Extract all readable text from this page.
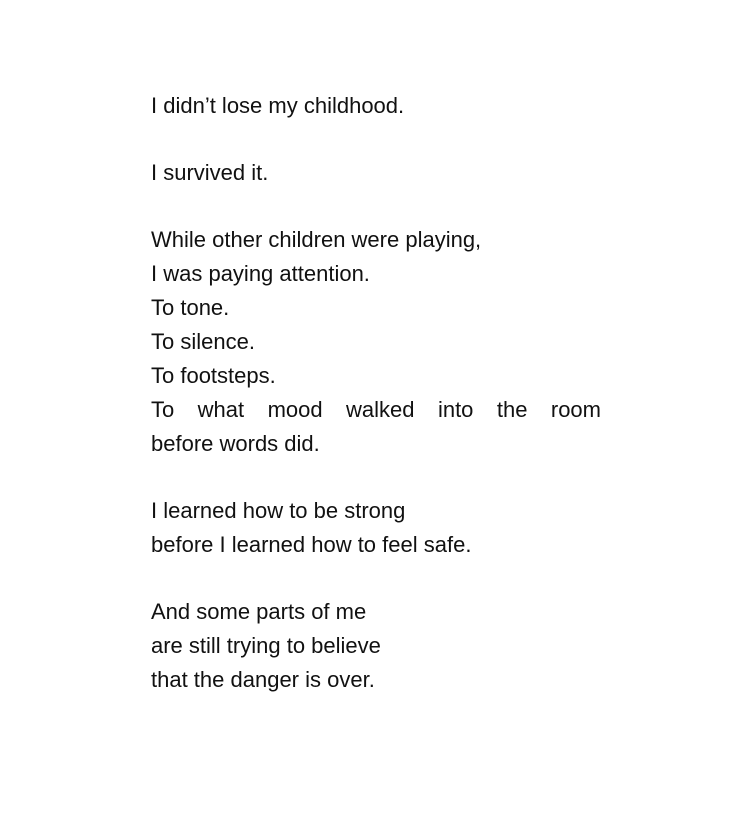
I didn’t lose my childhood.
I survived it.
While other children were playing,
I was paying attention.
To tone.
To silence.
To footsteps.
To what mood walked into the room
before words did.
I learned how to be strong
before I learned how to feel safe.
And some parts of me
are still trying to believe
that the danger is over.
